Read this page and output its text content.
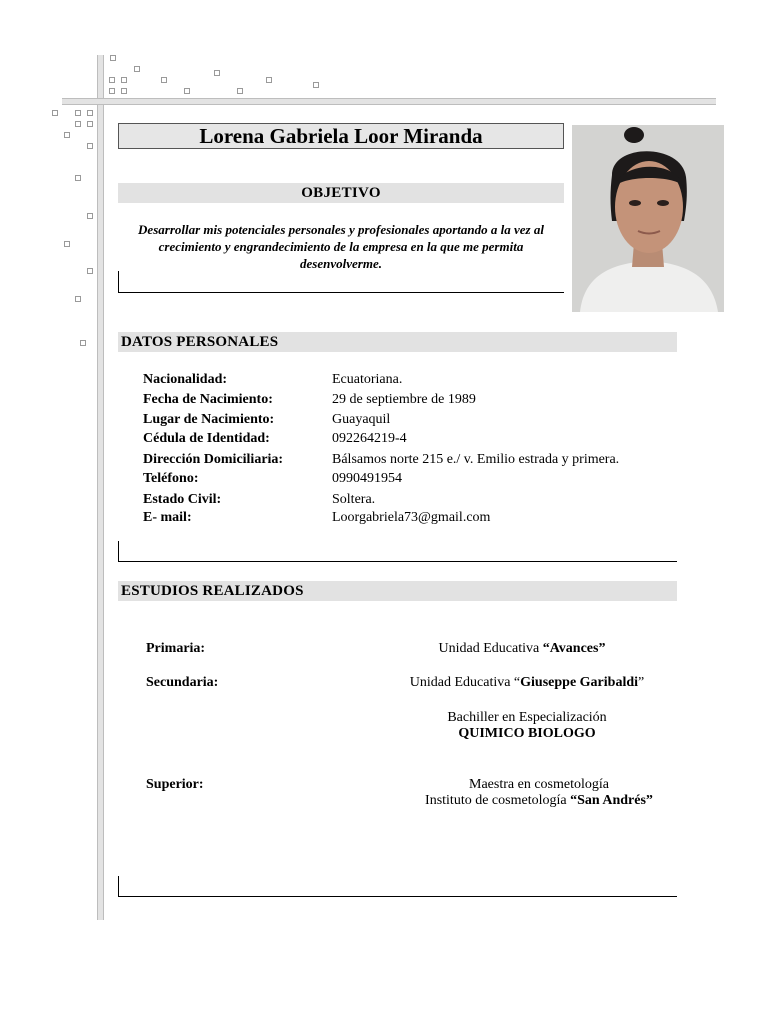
Lorena Gabriela Loor Miranda
OBJETIVO
Desarrollar mis potenciales personales y profesionales aportando a la vez al crecimiento y engrandecimiento de la empresa en la que me permita desenvolverme.
DATOS PERSONALES
Nacionalidad:	Ecuatoriana.
Fecha de Nacimiento:	29 de septiembre de 1989
Lugar de Nacimiento:	Guayaquil
Cédula de Identidad:	092264219-4
Dirección Domiciliaria:	Bálsamos norte 215 e./ v. Emilio estrada y primera.
Teléfono:	0990491954
Estado Civil:	Soltera.
E- mail:	Loorgabriela73@gmail.com
ESTUDIOS REALIZADOS
Primaria:	Unidad Educativa “Avances”
Secundaria:	Unidad Educativa “Giuseppe Garibaldi”
Bachiller en Especialización
QUIMICO BIOLOGO
Superior:	Maestra en cosmetología
Instituto de cosmetología “San Andrés”
